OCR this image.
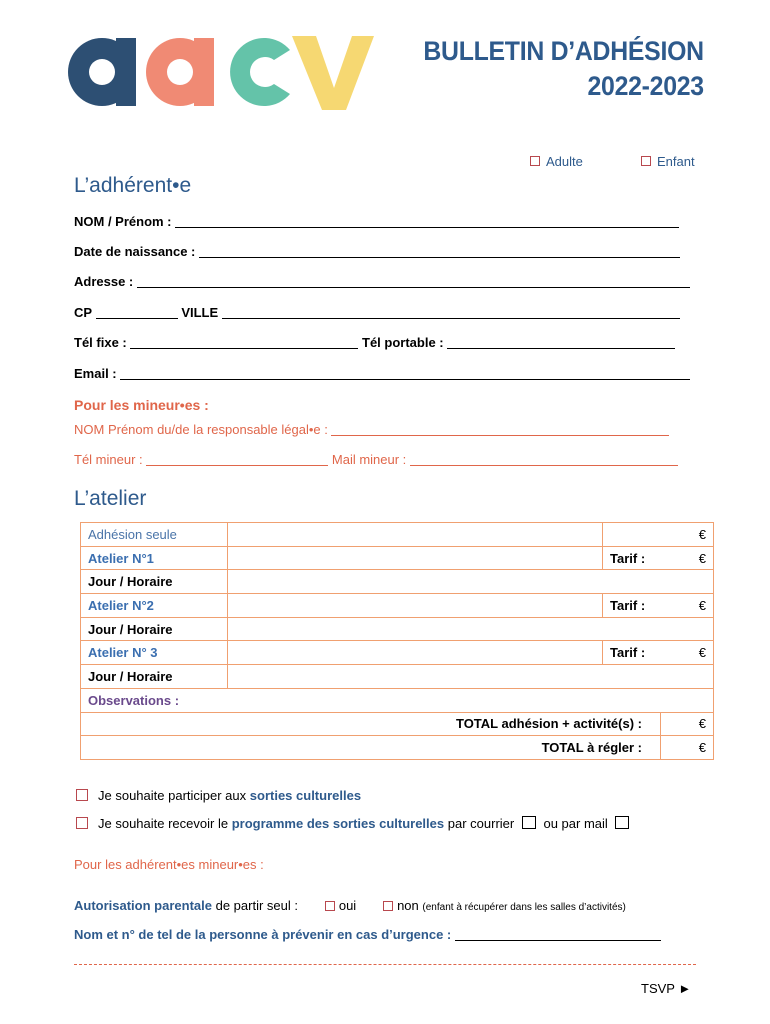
BULLETIN D’ADHÉSION
2022-2023
Adulte	Enfant
L’adhérent•e
NOM / Prénom :
Date de naissance :
Adresse :
CP	VILLE
Tél fixe :	Tél portable :
Email :
Pour les mineur•es :
NOM Prénom du/de la responsable légal•e :
Tél mineur :	Mail mineur :
L’atelier
Adhésion seule		€	
Atelier N°1		Tarif :	€
Jour / Horaire			
Atelier N°2		Tarif :	€
Jour / Horaire			
Atelier N° 3		Tarif :	€
Jour / Horaire			
Observations :			
TOTAL adhésion + activité(s) :			€
TOTAL à régler :			€
Je souhaite participer aux sorties culturelles
Je souhaite recevoir le programme des sorties culturelles par courrier ou par mail
Pour les adhérent•es mineur•es :
Autorisation parentale de partir seul :	oui	non (enfant à récupérer dans les salles d’activités)
Nom et n° de tel de la personne à prévenir en cas d’urgence :
TSVP ►
